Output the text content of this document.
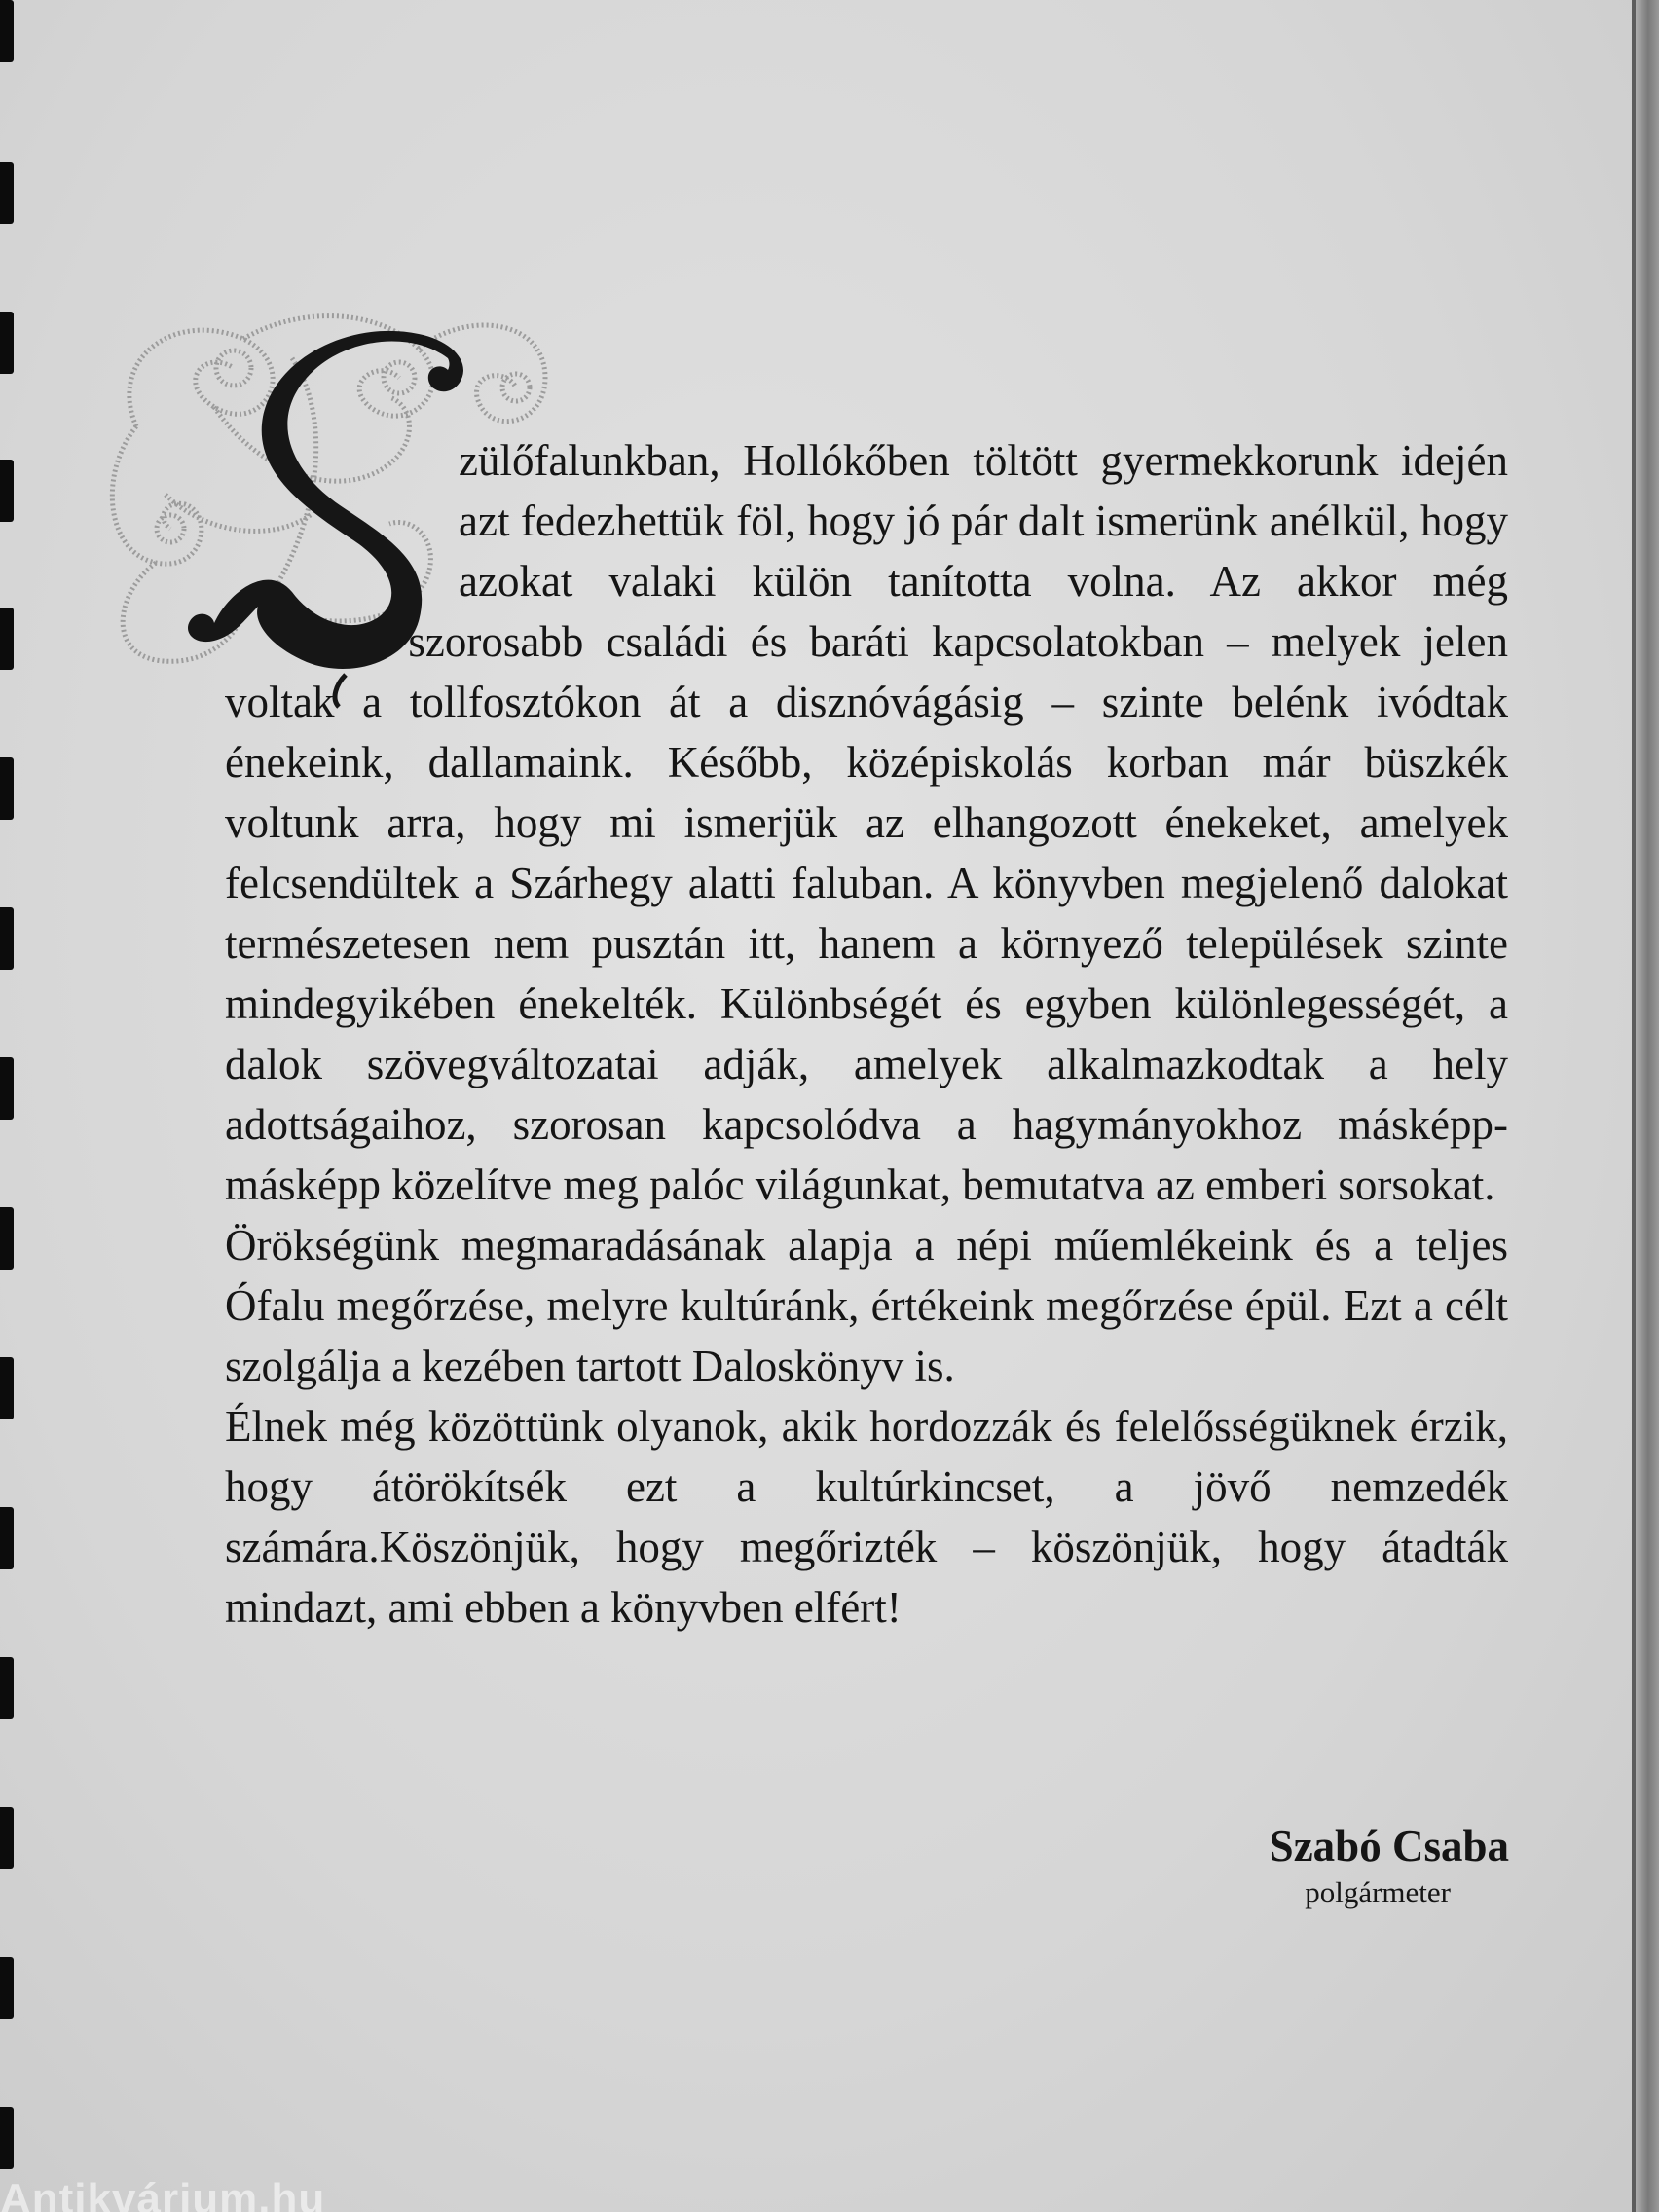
zülőfalunkban, Hollókőben töltött gyermekkorunk idején azt fedezhettük föl, hogy jó pár dalt ismerünk anélkül, hogy azokat valaki külön tanította volna. Az akkor még szorosabb családi és baráti kapcsolatokban – melyek jelen voltak a tollfosztókon át a disznóvágásig – szinte belénk ivódtak énekeink, dallamaink. Később, középiskolás korban már büszkék voltunk arra, hogy mi ismerjük az elhangozott énekeket, amelyek felcsendültek a Szárhegy alatti faluban. A könyvben megjelenő dalokat természetesen nem pusztán itt, hanem a környező települések szinte mindegyikében énekelték. Különbségét és egyben különlegességét, a dalok szövegváltozatai adják, amelyek alkalmazkodtak a hely adottságaihoz, szorosan kapcsolódva a hagymányokhoz másképp-másképp közelítve meg palóc világunkat, bemutatva az emberi sorsokat.

Örökségünk megmaradásának alapja a népi műemlékeink és a teljes Ófalu megőrzése, melyre kultúránk, értékeink megőrzése épül. Ezt a célt szolgálja a kezében tartott Daloskönyv is.

Élnek még közöttünk olyanok, akik hordozzák és felelősségüknek érzik, hogy átörökítsék ezt a kultúrkincset, a jövő nemzedék számára.Köszönjük, hogy megőrizték – köszönjük, hogy átadták mindazt, ami ebben a könyvben elfért!

Szabó Csaba
polgármeter
Antikvárium.hu
